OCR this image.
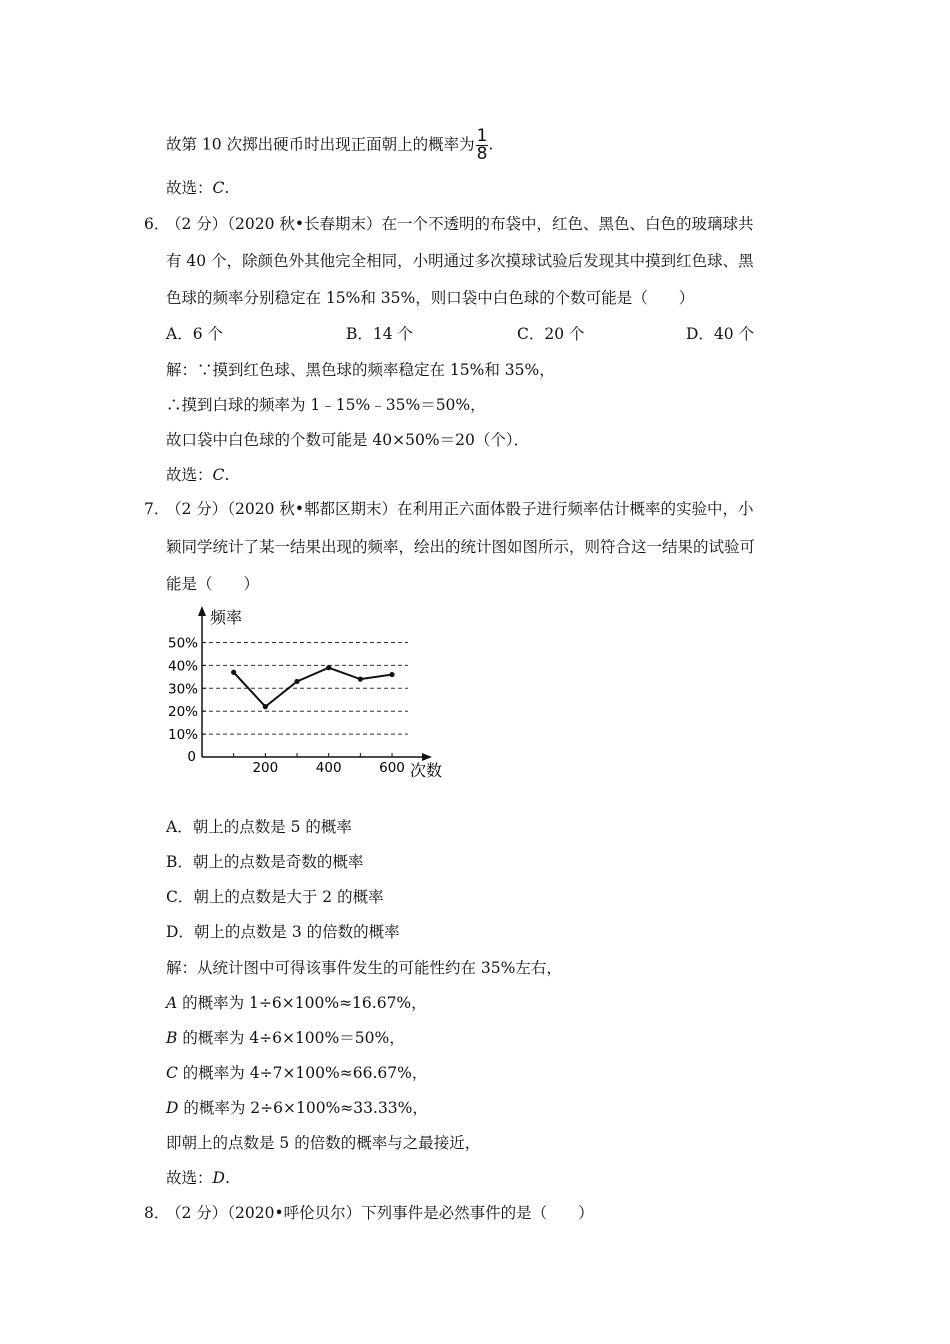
故第 10 次掷出硬币时出现正面朝上的概率为 $\frac{1}{8}$ .
故选：C.
6．
（2 分）（2020 秋•长春期末）在一个不透明的布袋中，红色、黑色、白色的玻璃球共
有 40 个，除颜色外其他完全相同，小明通过多次摸球试验后发现其中摸到红色球、黑
色球的频率分别稳定在 15%和 35%，则口袋中白色球的个数可能是（　　）
A．6 个	B．14 个	C．20 个	D．40 个
解：∵摸到红色球、黑色球的频率稳定在 15%和 35%，
∴摸到白球的频率为 1﹣15%﹣35%＝50%，
故口袋中白色球的个数可能是 40×50%＝20（个）．
故选：C.
7．
（2 分）（2020 秋•郫都区期末）在利用正六面体骰子进行频率估计概率的实验中，小
颖同学统计了某一结果出现的频率，绘出的统计图如图所示，则符合这一结果的试验可
能是（　　）
0
10%
20%
30%
40%
50%
200	400	600
频率
次数
A．朝上的点数是 5 的概率
B．朝上的点数是奇数的概率
C．朝上的点数是大于 2 的概率
D．朝上的点数是 3 的倍数的概率
解：从统计图中可得该事件发生的可能性约在 35%左右，
A 的概率为 1÷6×100%≈16.67%，
B 的概率为 4÷6×100%＝50%，
C 的概率为 4÷7×100%≈66.67%，
D 的概率为 2÷6×100%≈33.33%，
即朝上的点数是 5 的倍数的概率与之最接近，
故选：D.
8．
（2 分）（2020•呼伦贝尔）下列事件是必然事件的是（　　）
